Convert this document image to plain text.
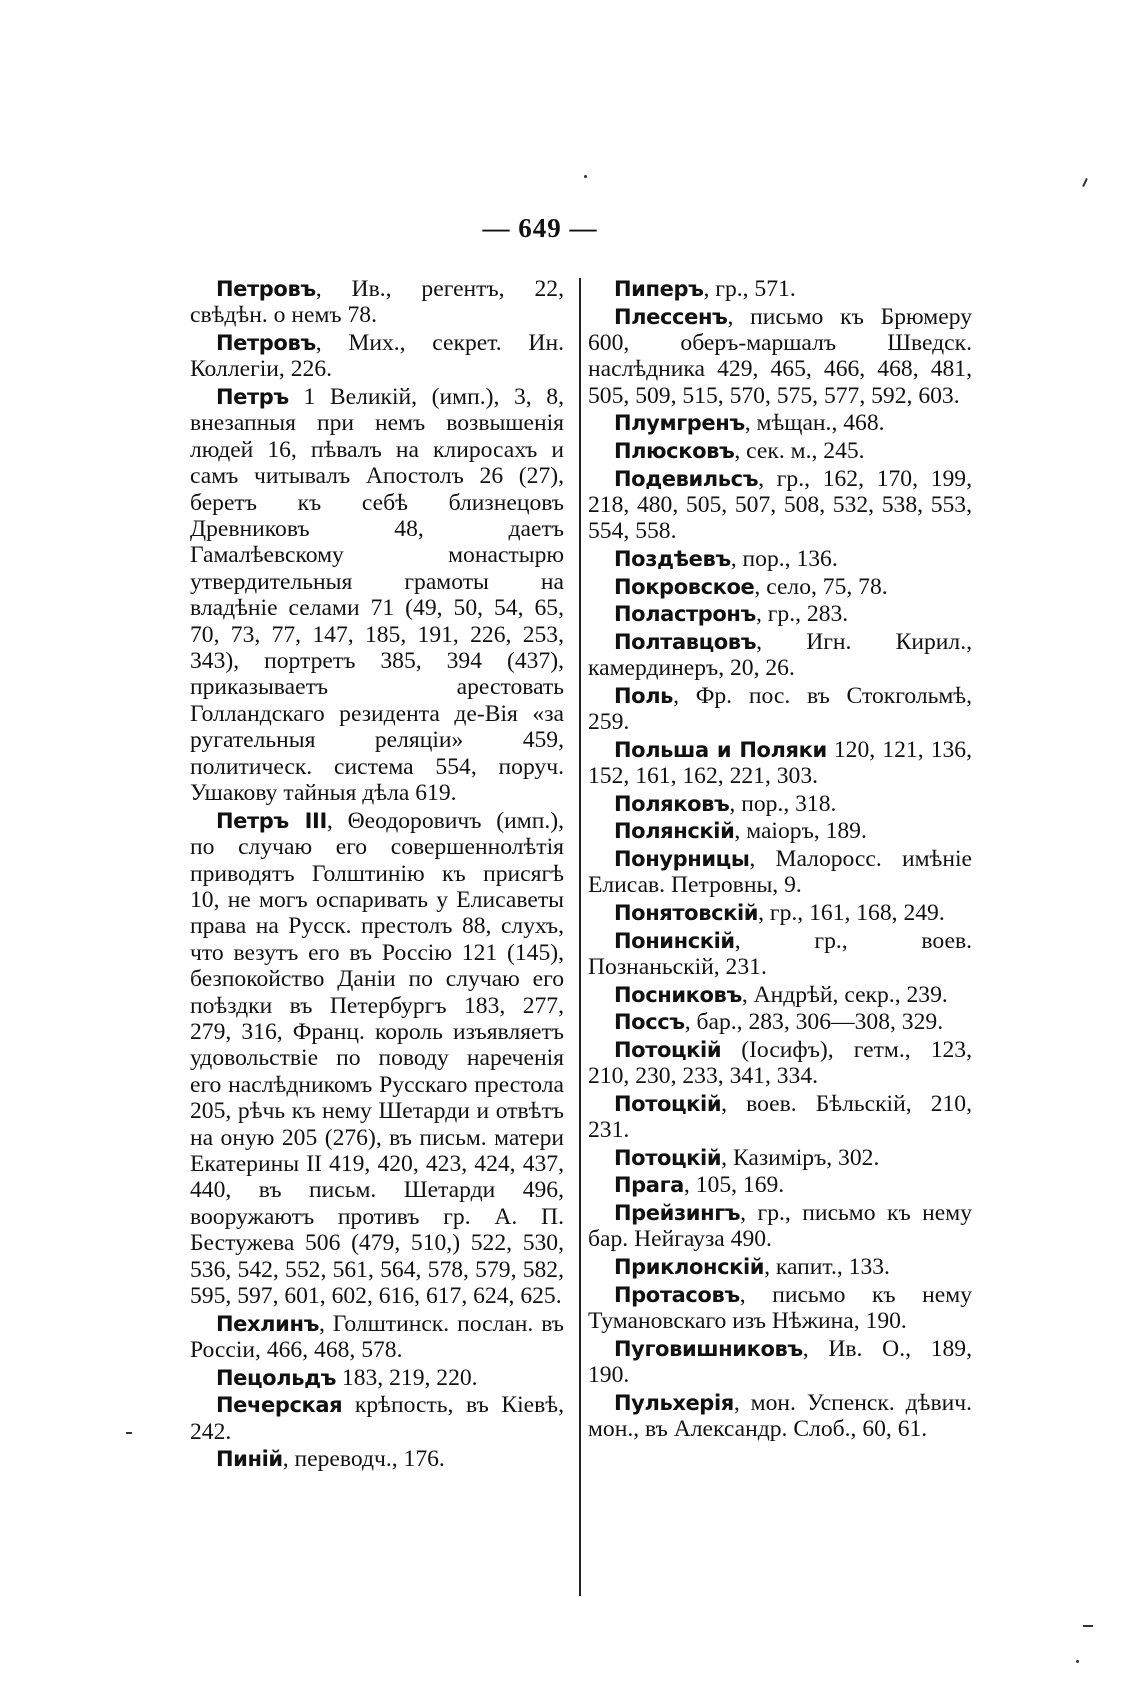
— 649 —

Петровъ, Ив., регентъ, 22, свѣдѣн. о немъ 78.

Петровъ, Мих., секрет. Ин. Коллегіи, 226.

Петръ 1 Великій, (имп.), 3, 8, внезапныя при немъ возвышенія людей 16, пѣвалъ на клиросахъ и самъ читывалъ Апостолъ 26 (27), беретъ къ себѣ близнецовъ Древниковъ 48, даетъ Гамалѣевскому монастырю утвердительныя грамоты на владѣніе селами 71 (49, 50, 54, 65, 70, 73, 77, 147, 185, 191, 226, 253, 343), портретъ 385, 394 (437), приказываетъ арестовать Голландскаго резидента де-Вія «за ругательныя реляціи» 459, политическ. система 554, поруч. Ушакову тайныя дѣла 619.

Петръ III, Θеодоровичъ (имп.), по случаю его совершеннолѣтія приводятъ Голштинію къ присягѣ 10, не могъ оспаривать у Елисаветы права на Русск. престолъ 88, слухъ, что везутъ его въ Россію 121 (145), безпокойство Даніи по случаю его поѣздки въ Петербургъ 183, 277, 279, 316, Франц. король изъявляетъ удовольствіе по поводу нареченія его наслѣдникомъ Русскаго престола 205, рѣчь къ нему Шетарди и отвѣтъ на оную 205 (276), въ письм. матери Екатерины II 419, 420, 423, 424, 437, 440, въ письм. Шетарди 496, вооружаютъ противъ гр. А. П. Бестужева 506 (479, 510,) 522, 530, 536, 542, 552, 561, 564, 578, 579, 582, 595, 597, 601, 602, 616, 617, 624, 625.

Пехлинъ, Голштинск. послан. въ Россіи, 466, 468, 578.

Пецольдъ 183, 219, 220.

Печерская крѣпость, въ Кіевѣ, 242.

Пиній, переводч., 176.

Пиперъ, гр., 571.

Плессенъ, письмо къ Брюмеру 600, оберъ-маршалъ Шведск. наслѣдника 429, 465, 466, 468, 481, 505, 509, 515, 570, 575, 577, 592, 603.

Плумгренъ, мѣщан., 468.

Плюсковъ, сек. м., 245.

Подевильсъ, гр., 162, 170, 199, 218, 480, 505, 507, 508, 532, 538, 553, 554, 558.

Поздѣевъ, пор., 136.

Покровское, село, 75, 78.

Поластронъ, гр., 283.

Полтавцовъ, Игн. Кирил., камердинеръ, 20, 26.

Поль, Фр. пос. въ Стокгольмѣ, 259.

Польша и Поляки 120, 121, 136, 152, 161, 162, 221, 303.

Поляковъ, пор., 318.

Полянскій, маіоръ, 189.

Понурницы, Малоросс. имѣніе Елисав. Петровны, 9.

Понятовскій, гр., 161, 168, 249.

Понинскій, гр., воев. Познаньскій, 231.

Посниковъ, Андрѣй, секр., 239.

Поссъ, бар., 283, 306—308, 329.

Потоцкій (Іосифъ), гетм., 123, 210, 230, 233, 341, 334.

Потоцкій, воев. Бѣльскій, 210, 231.

Потоцкій, Казиміръ, 302.

Прага, 105, 169.

Прейзингъ, гр., письмо къ нему бар. Нейгауза 490.

Приклонскій, капит., 133.

Протасовъ, письмо къ нему Тумановскаго изъ Нѣжина, 190.

Пуговишниковъ, Ив. О., 189, 190.

Пульхерія, мон. Успенск. дѣвич. мон., въ Александр. Слоб., 60, 61.
